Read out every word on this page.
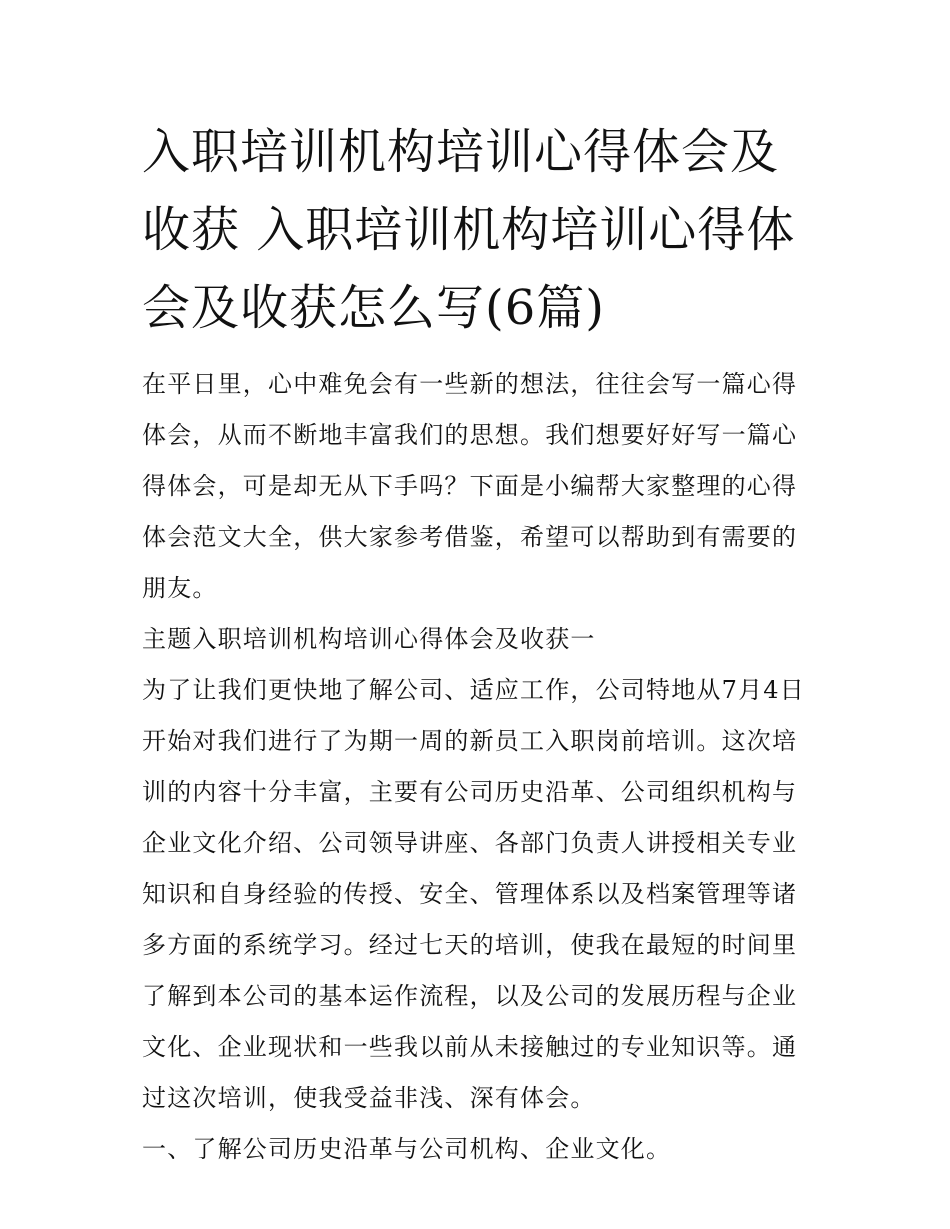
入职培训机构培训心得体会及收获 入职培训机构培训心得体会及收获怎么写(6篇)

在平日里，心中难免会有一些新的想法，往往会写一篇心得体会，从而不断地丰富我们的思想。我们想要好好写一篇心得体会，可是却无从下手吗？下面是小编帮大家整理的心得体会范文大全，供大家参考借鉴，希望可以帮助到有需要的朋友。

主题入职培训机构培训心得体会及收获一

为了让我们更快地了解公司、适应工作，公司特地从7月4日开始对我们进行了为期一周的新员工入职岗前培训。这次培训的内容十分丰富，主要有公司历史沿革、公司组织机构与企业文化介绍、公司领导讲座、各部门负责人讲授相关专业知识和自身经验的传授、安全、管理体系以及档案管理等诸多方面的系统学习。经过七天的培训，使我在最短的时间里了解到本公司的基本运作流程，以及公司的发展历程与企业文化、企业现状和一些我以前从未接触过的专业知识等。通过这次培训，使我受益非浅、深有体会。

一、了解公司历史沿革与公司机构、企业文化。
